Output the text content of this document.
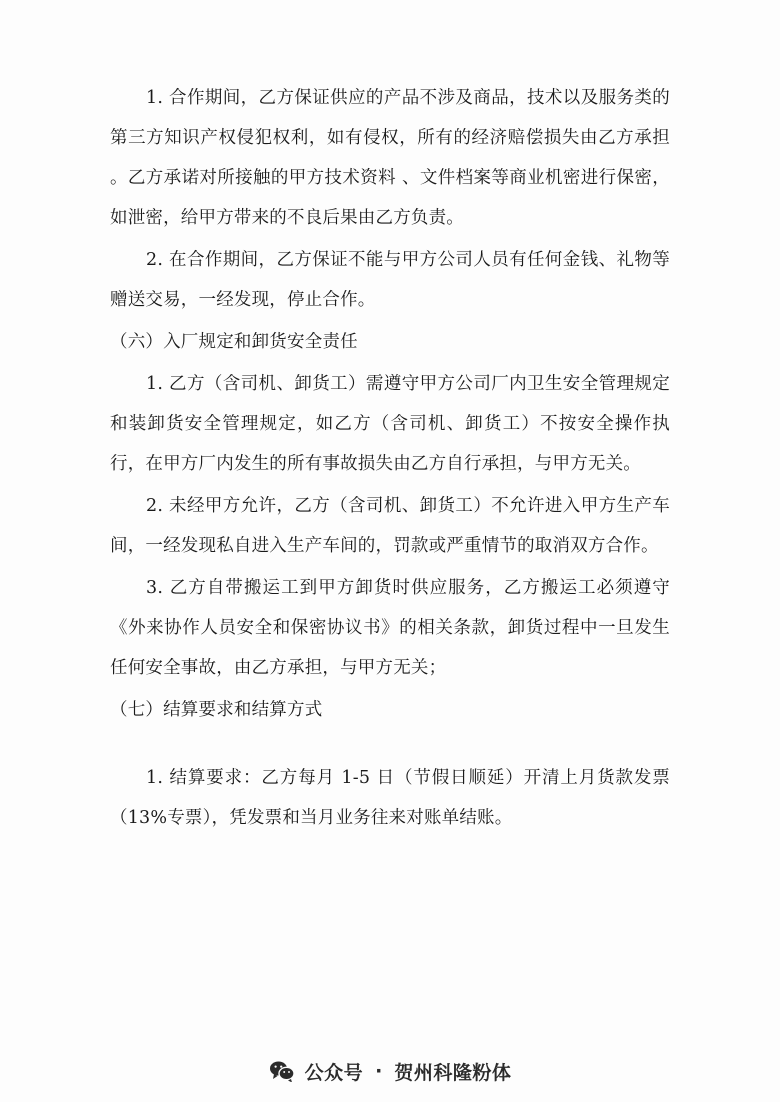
1. 合作期间，乙方保证供应的产品不涉及商品，技术以及服务类的第三方知识产权侵犯权利，如有侵权，所有的经济赔偿损失由乙方承担 。乙方承诺对所接触的甲方技术资料 、文件档案等商业机密进行保密，如泄密，给甲方带来的不良后果由乙方负责。

2. 在合作期间，乙方保证不能与甲方公司人员有任何金钱、礼物等赠送交易，一经发现，停止合作。

（六）入厂规定和卸货安全责任

1. 乙方（含司机、卸货工）需遵守甲方公司厂内卫生安全管理规定和装卸货安全管理规定，如乙方（含司机、卸货工）不按安全操作执行，在甲方厂内发生的所有事故损失由乙方自行承担，与甲方无关。

2. 未经甲方允许，乙方（含司机、卸货工）不允许进入甲方生产车间，一经发现私自进入生产车间的，罚款或严重情节的取消双方合作。

3. 乙方自带搬运工到甲方卸货时供应服务，乙方搬运工必须遵守《外来协作人员安全和保密协议书》的相关条款，卸货过程中一旦发生任何安全事故，由乙方承担，与甲方无关；

（七）结算要求和结算方式

1. 结算要求：乙方每月 1-5 日（节假日顺延）开清上月货款发票（13%专票），凭发票和当月业务往来对账单结账。

公众号 · 贺州科隆粉体
